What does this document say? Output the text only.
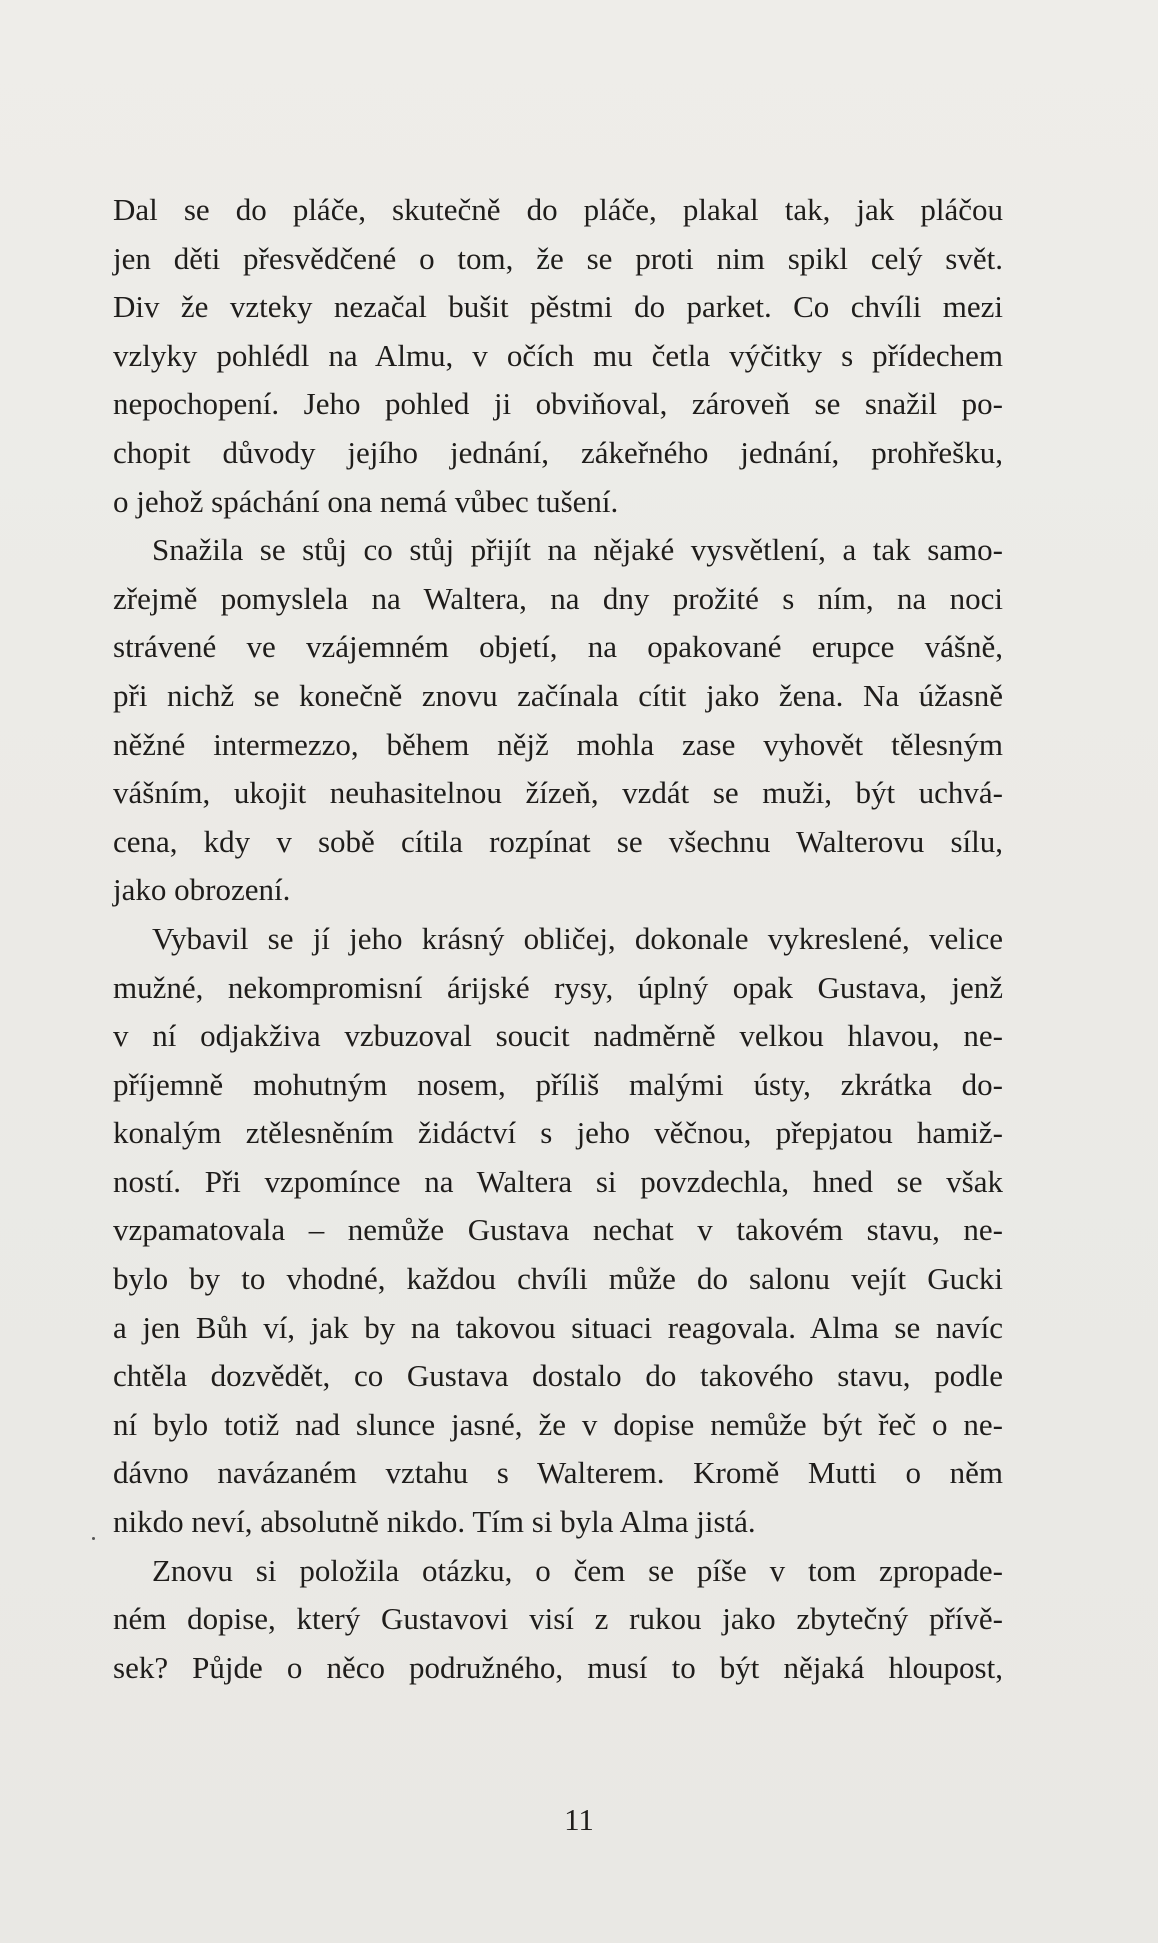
Dal se do pláče, skutečně do pláče, plakal tak, jak pláčou
jen děti přesvědčené o tom, že se proti nim spikl celý svět.
Div že vzteky nezačal bušit pěstmi do parket. Co chvíli mezi
vzlyky pohlédl na Almu, v očích mu četla výčitky s přídechem
nepochopení. Jeho pohled ji obviňoval, zároveň se snažil po-
chopit důvody jejího jednání, zákeřného jednání, prohřešku,
o jehož spáchání ona nemá vůbec tušení.
Snažila se stůj co stůj přijít na nějaké vysvětlení, a tak samo-
zřejmě pomyslela na Waltera, na dny prožité s ním, na noci
strávené ve vzájemném objetí, na opakované erupce vášně,
při nichž se konečně znovu začínala cítit jako žena. Na úžasně
něžné intermezzo, během nějž mohla zase vyhovět tělesným
vášním, ukojit neuhasitelnou žízeň, vzdát se muži, být uchvá-
cena, kdy v sobě cítila rozpínat se všechnu Walterovu sílu,
jako obrození.
Vybavil se jí jeho krásný obličej, dokonale vykreslené, velice
mužné, nekompromisní árijské rysy, úplný opak Gustava, jenž
v ní odjakživa vzbuzoval soucit nadměrně velkou hlavou, ne-
příjemně mohutným nosem, příliš malými ústy, zkrátka do-
konalým ztělesněním židáctví s jeho věčnou, přepjatou hamiž-
ností. Při vzpomínce na Waltera si povzdechla, hned se však
vzpamatovala – nemůže Gustava nechat v takovém stavu, ne-
bylo by to vhodné, každou chvíli může do salonu vejít Gucki
a jen Bůh ví, jak by na takovou situaci reagovala. Alma se navíc
chtěla dozvědět, co Gustava dostalo do takového stavu, podle
ní bylo totiž nad slunce jasné, že v dopise nemůže být řeč o ne-
dávno navázaném vztahu s Walterem. Kromě Mutti o něm
nikdo neví, absolutně nikdo. Tím si byla Alma jistá.
Znovu si položila otázku, o čem se píše v tom zpropade-
ném dopise, který Gustavovi visí z rukou jako zbytečný přívě-
sek? Půjde o něco podružného, musí to být nějaká hloupost,
11
